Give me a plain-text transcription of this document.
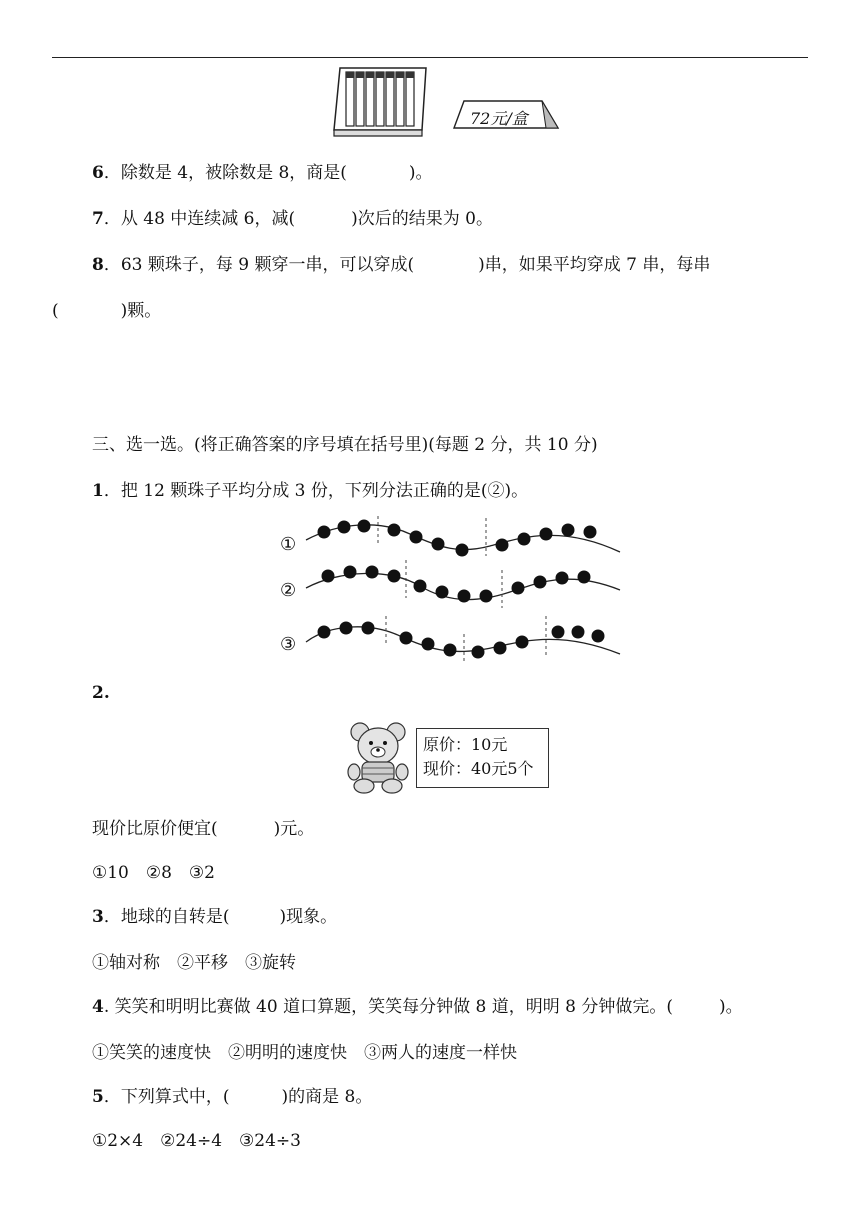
72元/盒
6．除数是 4，被除数是 8，商是(	)。
7．从 48 中连续减 6，减(	)次后的结果为 0。
8．63 颗珠子，每 9 颗穿一串，可以穿成(	)串，如果平均穿成 7 串，每串
(	)颗。
三、选一选。(将正确答案的序号填在括号里)(每题 2 分，共 10 分)
1．把 12 颗珠子平均分成 3 份，下列分法正确的是(②)。
①
②
③
2.
原价：10元
现价：40元5个
现价比原价便宜(	)元。
①10　②8　③2
3．地球的自转是(	)现象。
①轴对称　②平移　③旋转
4. 笑笑和明明比赛做 40 道口算题，笑笑每分钟做 8 道，明明 8 分钟做完。(	)。
①笑笑的速度快　②明明的速度快　③两人的速度一样快
5．下列算式中，(	)的商是 8。
①2×4　②24÷4　③24÷3
